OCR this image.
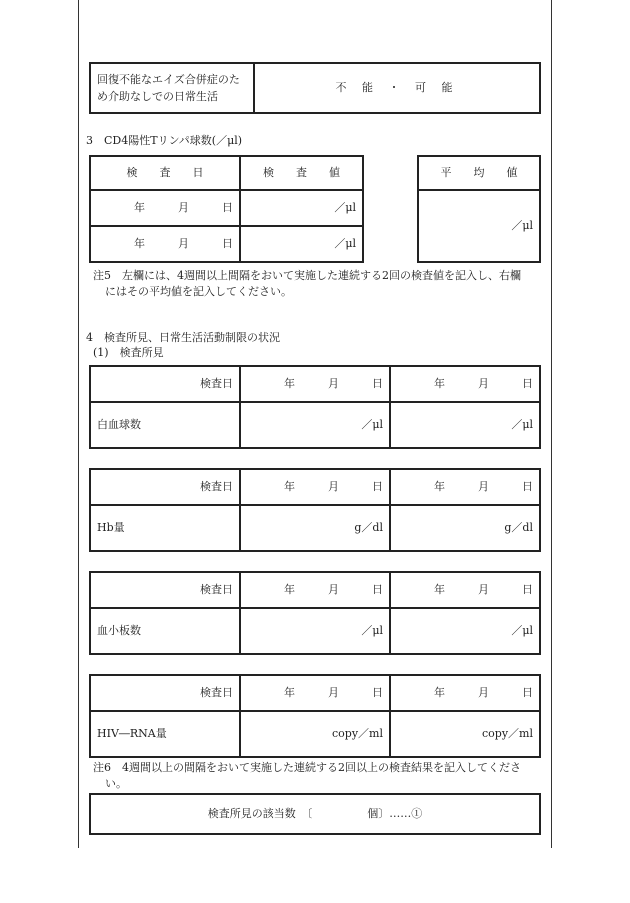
回復不能なエイズ合併症のた
め介助なしでの日常生活
	不 能 ・ 可 能
3　CD4陽性Tリンパ球数(／μl)
検　　査　　日	検　　査　　値
年　　　月　　　日	／μl
年　　　月　　　日	／μl
平　　均　　値
／μl
注5　左欄には、4週間以上間隔をおいて実施した連続する2回の検査値を記入し、右欄
にはその平均値を記入してください。
4　検査所見、日常生活活動制限の状況
(1)　検査所見
検査日	年　　　月　　　日	年　　　月　　　日
白血球数	／μl	／μl
検査日	年　　　月　　　日	年　　　月　　　日
Hb量	g／dl	g／dl
検査日	年　　　月　　　日	年　　　月　　　日
血小板数	／μl	／μl
検査日	年　　　月　　　日	年　　　月　　　日
HIV―RNA量	copy／ml	copy／ml
注6　4週間以上の間隔をおいて実施した連続する2回以上の検査結果を記入してくださ
い。
検査所見の該当数　〔　　　　　個〕……①
